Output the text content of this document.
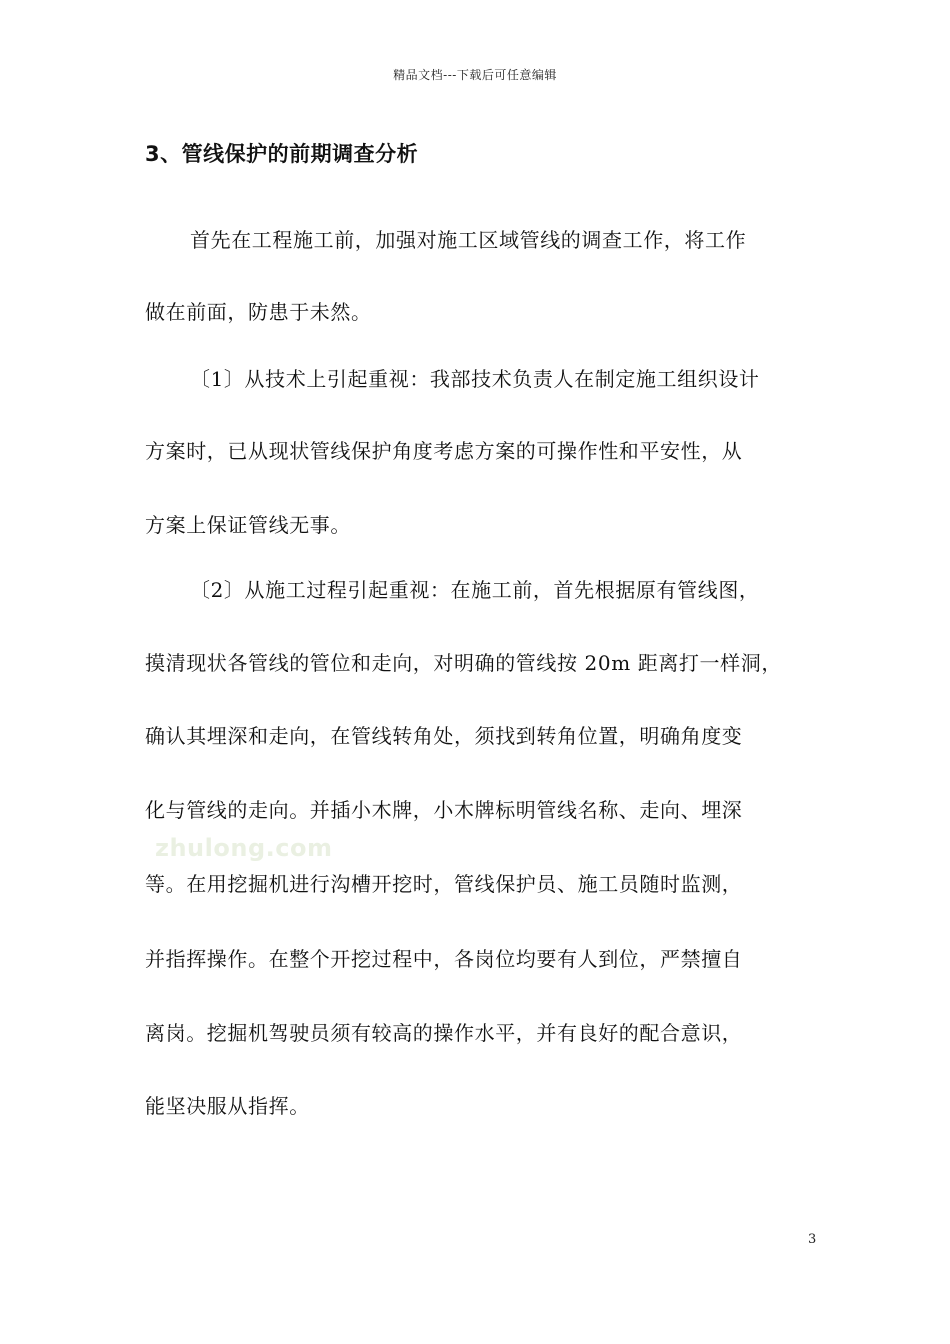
精品文档---下载后可任意编辑
3、管线保护的前期调查分析
首先在工程施工前，加强对施工区域管线的调查工作，将工作
做在前面，防患于未然。
〔1〕从技术上引起重视：我部技术负责人在制定施工组织设计
方案时，已从现状管线保护角度考虑方案的可操作性和平安性，从
方案上保证管线无事。
〔2〕从施工过程引起重视：在施工前，首先根据原有管线图，
摸清现状各管线的管位和走向，对明确的管线按 20m 距离打一样洞，
确认其埋深和走向，在管线转角处，须找到转角位置，明确角度变
化与管线的走向。并插小木牌，小木牌标明管线名称、走向、埋深
等。在用挖掘机进行沟槽开挖时，管线保护员、施工员随时监测，
并指挥操作。在整个开挖过程中，各岗位均要有人到位，严禁擅自
离岗。挖掘机驾驶员须有较高的操作水平，并有良好的配合意识，
能坚决服从指挥。
zhulong.com
3
